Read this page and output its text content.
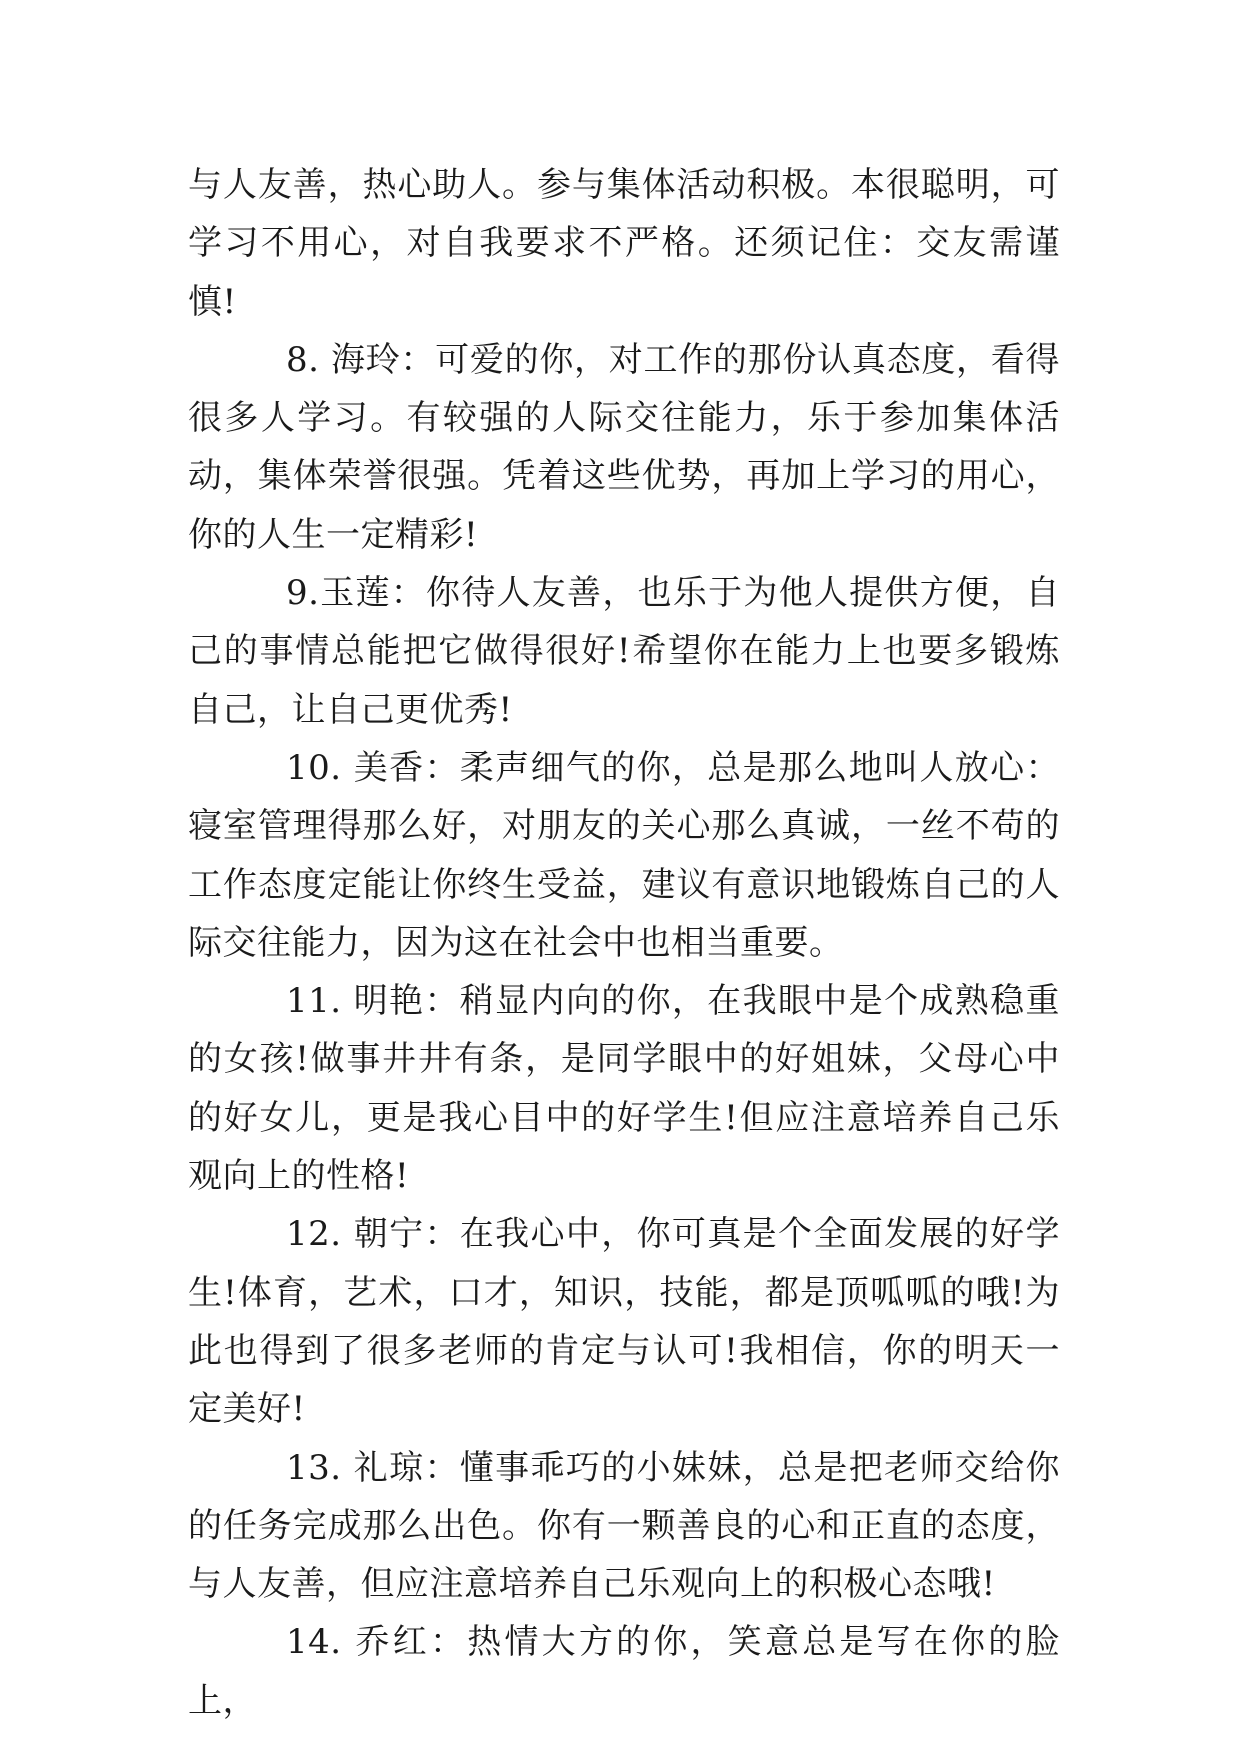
与人友善，热心助人。参与集体活动积极。本很聪明，可学习不用心，对自我要求不严格。还须记住：交友需谨慎!

8. 海玲：可爱的你，对工作的那份认真态度，看得很多人学习。有较强的人际交往能力，乐于参加集体活动，集体荣誉很强。凭着这些优势，再加上学习的用心，你的人生一定精彩!

9.玉莲：你待人友善，也乐于为他人提供方便，自己的事情总能把它做得很好!希望你在能力上也要多锻炼自己，让自己更优秀!

10. 美香：柔声细气的你，总是那么地叫人放心：寝室管理得那么好，对朋友的关心那么真诚，一丝不苟的工作态度定能让你终生受益，建议有意识地锻炼自己的人际交往能力，因为这在社会中也相当重要。

11. 明艳：稍显内向的你，在我眼中是个成熟稳重的女孩!做事井井有条，是同学眼中的好姐妹，父母心中的好女儿，更是我心目中的好学生!但应注意培养自己乐观向上的性格!

12. 朝宁：在我心中，你可真是个全面发展的好学生!体育，艺术，口才，知识，技能，都是顶呱呱的哦!为此也得到了很多老师的肯定与认可!我相信，你的明天一定美好!

13. 礼琼：懂事乖巧的小妹妹，总是把老师交给你的任务完成那么出色。你有一颗善良的心和正直的态度，与人友善，但应注意培养自己乐观向上的积极心态哦!

14. 乔红：热情大方的你，笑意总是写在你的脸上，
